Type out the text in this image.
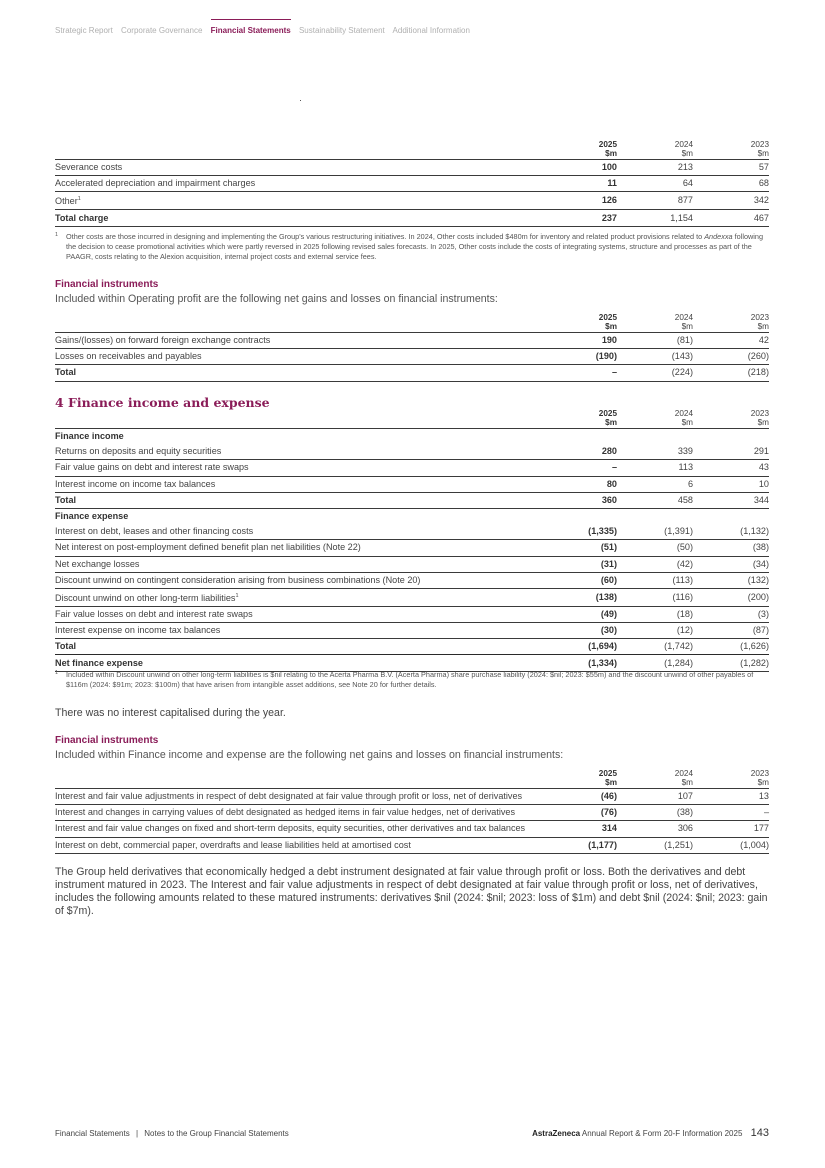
Strategic Report Corporate Governance Financial Statements Sustainability Statement Additional Information
	2025
$m	2024
$m	2023
$m

Severance costs	100	213	57
Accelerated depreciation and impairment charges	11	64	68
Other$^1$	126	877	342
Total charge	237	1,154	467
1	Other costs are those incurred in designing and implementing the Group's various restructuring initiatives. In 2024, Other costs included $480m for inventory and related product provisions related to Andexxa following the decision to cease promotional activities which were partly reversed in 2025 following revised sales forecasts. In 2025, Other costs include the costs of integrating systems, structure and processes as part of the PAAGR, costs relating to the Alexion acquisition, internal project costs and external service fees.
Financial instruments
Included within Operating profit are the following net gains and losses on financial instruments:
	2025
$m	2024
$m	2023
$m

Gains/(losses) on forward foreign exchange contracts	190	(81)	42
Losses on receivables and payables	(190)	(143)	(260)
Total	–	(224)	(218)
4 Finance income and expense
	2025
$m	2024
$m	2023
$m

Finance income			
Returns on deposits and equity securities	280	339	291
Fair value gains on debt and interest rate swaps	–	113	43
Interest income on income tax balances	80	6	10
Total	360	458	344
Finance expense			
Interest on debt, leases and other financing costs	(1,335)	(1,391)	(1,132)
Net interest on post-employment defined benefit plan net liabilities (Note 22)	(51)	(50)	(38)
Net exchange losses	(31)	(42)	(34)
Discount unwind on contingent consideration arising from business combinations (Note 20)	(60)	(113)	(132)
Discount unwind on other long-term liabilities$^1$	(138)	(116)	(200)
Fair value losses on debt and interest rate swaps	(49)	(18)	(3)
Interest expense on income tax balances	(30)	(12)	(87)
Total	(1,694)	(1,742)	(1,626)
Net finance expense	(1,334)	(1,284)	(1,282)
1	Included within Discount unwind on other long-term liabilities is $nil relating to the Acerta Pharma B.V. (Acerta Pharma) share purchase liability (2024: $nil; 2023: $55m) and the discount unwind of other payables of $116m (2024: $91m; 2023: $100m) that have arisen from intangible asset additions, see Note 20 for further details.
There was no interest capitalised during the year.
Financial instruments
Included within Finance income and expense are the following net gains and losses on financial instruments:
	2025
$m	2024
$m	2023
$m

Interest and fair value adjustments in respect of debt designated at fair value through profit or loss, net of derivatives	(46)	107	13
Interest and changes in carrying values of debt designated as hedged items in fair value hedges, net of derivatives	(76)	(38)	–
Interest and fair value changes on fixed and short-term deposits, equity securities, other derivatives and tax balances	314	306	177
Interest on debt, commercial paper, overdrafts and lease liabilities held at amortised cost	(1,177)	(1,251)	(1,004)
The Group held derivatives that economically hedged a debt instrument designated at fair value through profit or loss. Both the derivatives and debt instrument matured in 2023. The Interest and fair value adjustments in respect of debt designated at fair value through profit or loss, net of derivatives, includes the following amounts related to these matured instruments: derivatives $nil (2024: $nil; 2023: loss of $1m) and debt $nil (2024: $nil; 2023: gain of $7m).
Financial Statements | Notes to the Group Financial Statements	AstraZeneca Annual Report & Form 20-F Information 2025 143
